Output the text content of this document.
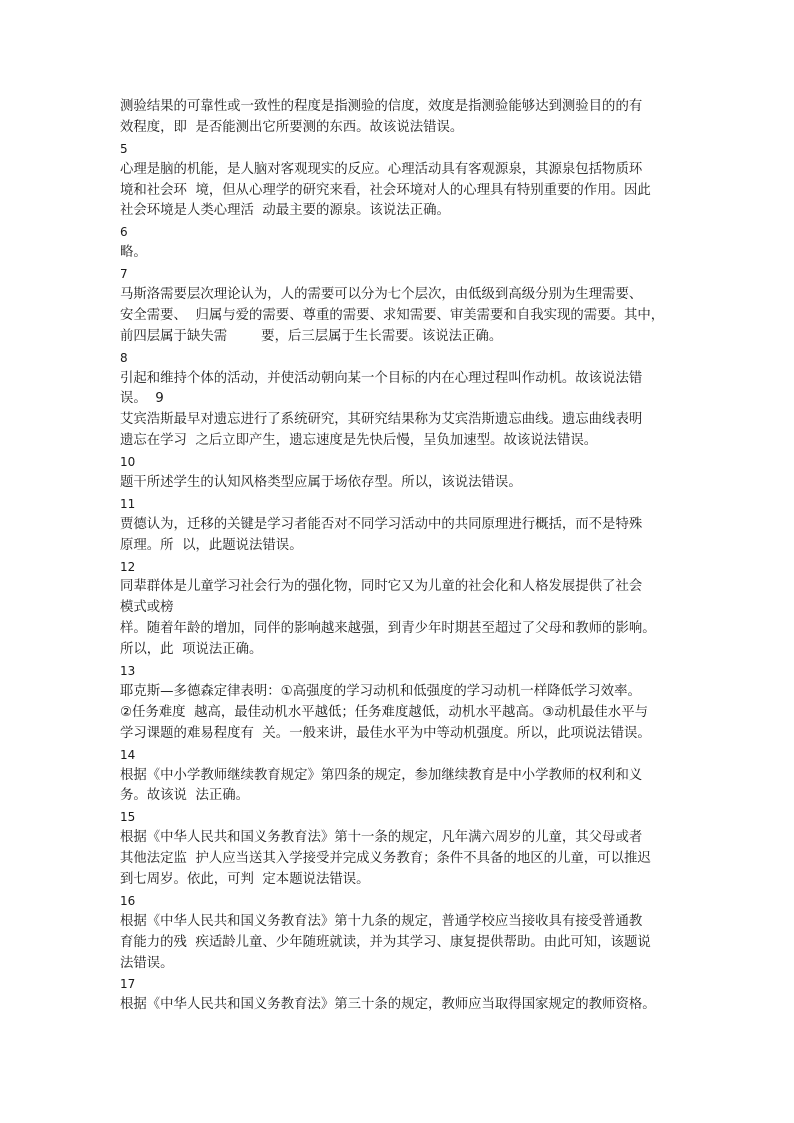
测验结果的可靠性或一致性的程度是指测验的信度，效度是指测验能够达到测验目的的有
效程度，即  是否能测出它所要测的东西。故该说法错误。
5
心理是脑的机能，是人脑对客观现实的反应。心理活动具有客观源泉，其源泉包括物质环
境和社会环  境，但从心理学的研究来看，社会环境对人的心理具有特别重要的作用。因此
社会环境是人类心理活  动最主要的源泉。该说法正确。
6
略。
7
马斯洛需要层次理论认为，人的需要可以分为七个层次，由低级到高级分别为生理需要、
安全需要、  归属与爱的需要、尊重的需要、求知需要、审美需要和自我实现的需要。其中，
前四层属于缺失需        要，后三层属于生长需要。该说法正确。
8
引起和维持个体的活动，并使活动朝向某一个目标的内在心理过程叫作动机。故该说法错
误。  9
艾宾浩斯最早对遗忘进行了系统研究，其研究结果称为艾宾浩斯遗忘曲线。遗忘曲线表明
遗忘在学习  之后立即产生，遗忘速度是先快后慢，呈负加速型。故该说法错误。
10
题干所述学生的认知风格类型应属于场依存型。所以，该说法错误。
11
贾德认为，迁移的关键是学习者能否对不同学习活动中的共同原理进行概括，而不是特殊
原理。所  以，此题说法错误。
12
同辈群体是儿童学习社会行为的强化物，同时它又为儿童的社会化和人格发展提供了社会
模式或榜
样。随着年龄的增加，同伴的影响越来越强，到青少年时期甚至超过了父母和教师的影响。
所以，此  项说法正确。
13
耶克斯—多德森定律表明：①高强度的学习动机和低强度的学习动机一样降低学习效率。
②任务难度  越高，最佳动机水平越低；任务难度越低，动机水平越高。③动机最佳水平与
学习课题的难易程度有  关。一般来讲，最佳水平为中等动机强度。所以，此项说法错误。
14
根据《中小学教师继续教育规定》第四条的规定，参加继续教育是中小学教师的权利和义
务。故该说  法正确。
15
根据《中华人民共和国义务教育法》第十一条的规定，凡年满六周岁的儿童，其父母或者
其他法定监  护人应当送其入学接受并完成义务教育；条件不具备的地区的儿童，可以推迟
到七周岁。依此，可判  定本题说法错误。
16
根据《中华人民共和国义务教育法》第十九条的规定，普通学校应当接收具有接受普通教
育能力的残  疾适龄儿童、少年随班就读，并为其学习、康复提供帮助。由此可知，该题说
法错误。
17
根据《中华人民共和国义务教育法》第三十条的规定，教师应当取得国家规定的教师资格。
